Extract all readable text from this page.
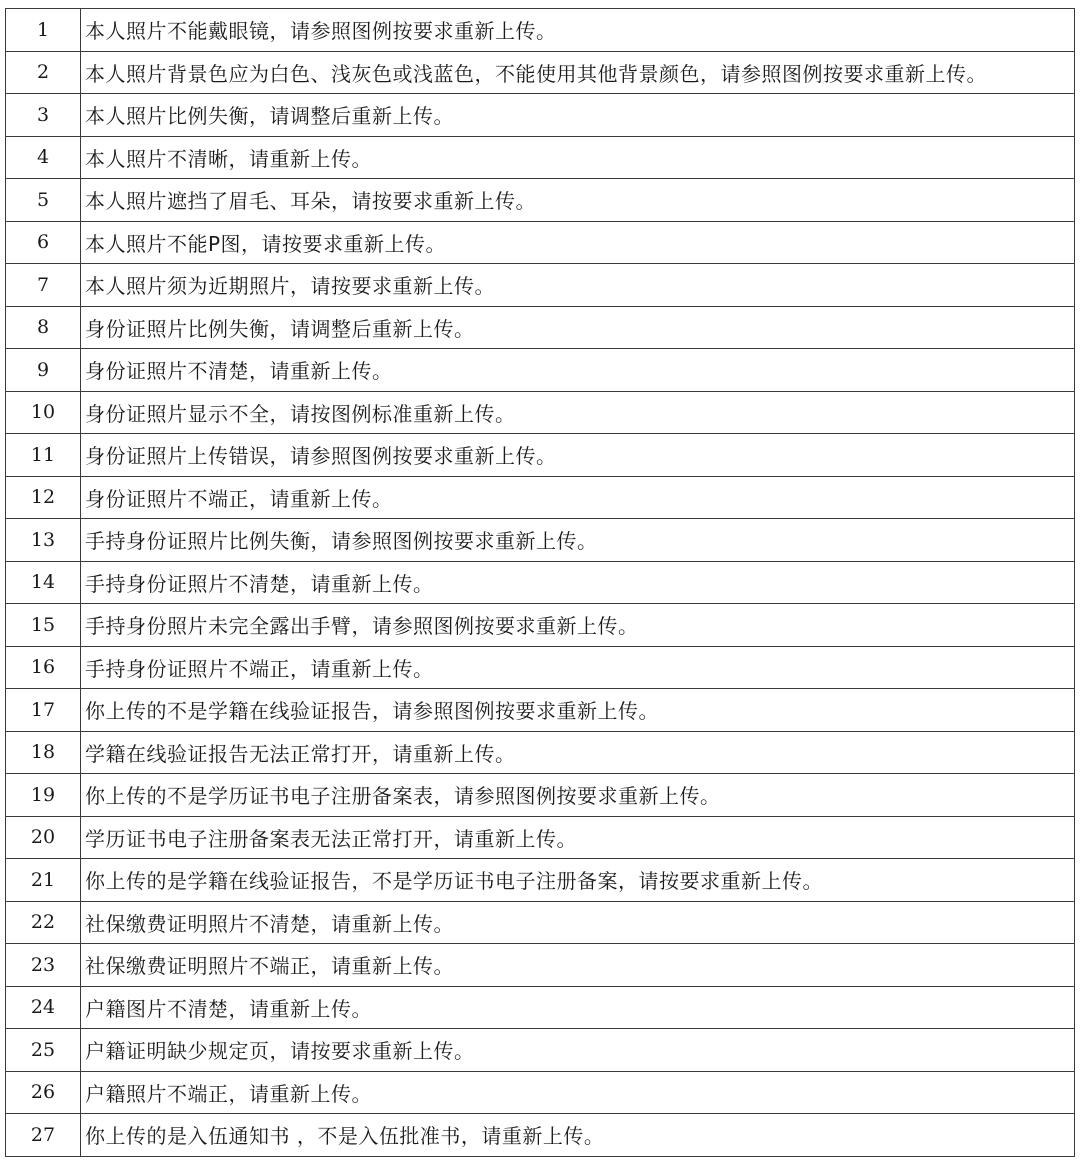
1	本人照片不能戴眼镜，请参照图例按要求重新上传。
2	本人照片背景色应为白色、浅灰色或浅蓝色，不能使用其他背景颜色，请参照图例按要求重新上传。
3	本人照片比例失衡，请调整后重新上传。
4	本人照片不清晰，请重新上传。
5	本人照片遮挡了眉毛、耳朵，请按要求重新上传。
6	本人照片不能P图，请按要求重新上传。
7	本人照片须为近期照片，请按要求重新上传。
8	身份证照片比例失衡，请调整后重新上传。
9	身份证照片不清楚，请重新上传。
10	身份证照片显示不全，请按图例标准重新上传。
11	身份证照片上传错误，请参照图例按要求重新上传。
12	身份证照片不端正，请重新上传。
13	手持身份证照片比例失衡，请参照图例按要求重新上传。
14	手持身份证照片不清楚，请重新上传。
15	手持身份照片未完全露出手臂，请参照图例按要求重新上传。
16	手持身份证照片不端正，请重新上传。
17	你上传的不是学籍在线验证报告，请参照图例按要求重新上传。
18	学籍在线验证报告无法正常打开，请重新上传。
19	你上传的不是学历证书电子注册备案表，请参照图例按要求重新上传。
20	学历证书电子注册备案表无法正常打开，请重新上传。
21	你上传的是学籍在线验证报告，不是学历证书电子注册备案，请按要求重新上传。
22	社保缴费证明照片不清楚，请重新上传。
23	社保缴费证明照片不端正，请重新上传。
24	户籍图片不清楚，请重新上传。
25	户籍证明缺少规定页，请按要求重新上传。
26	户籍照片不端正，请重新上传。
27	你上传的是入伍通知书 ，不是入伍批准书，请重新上传。
